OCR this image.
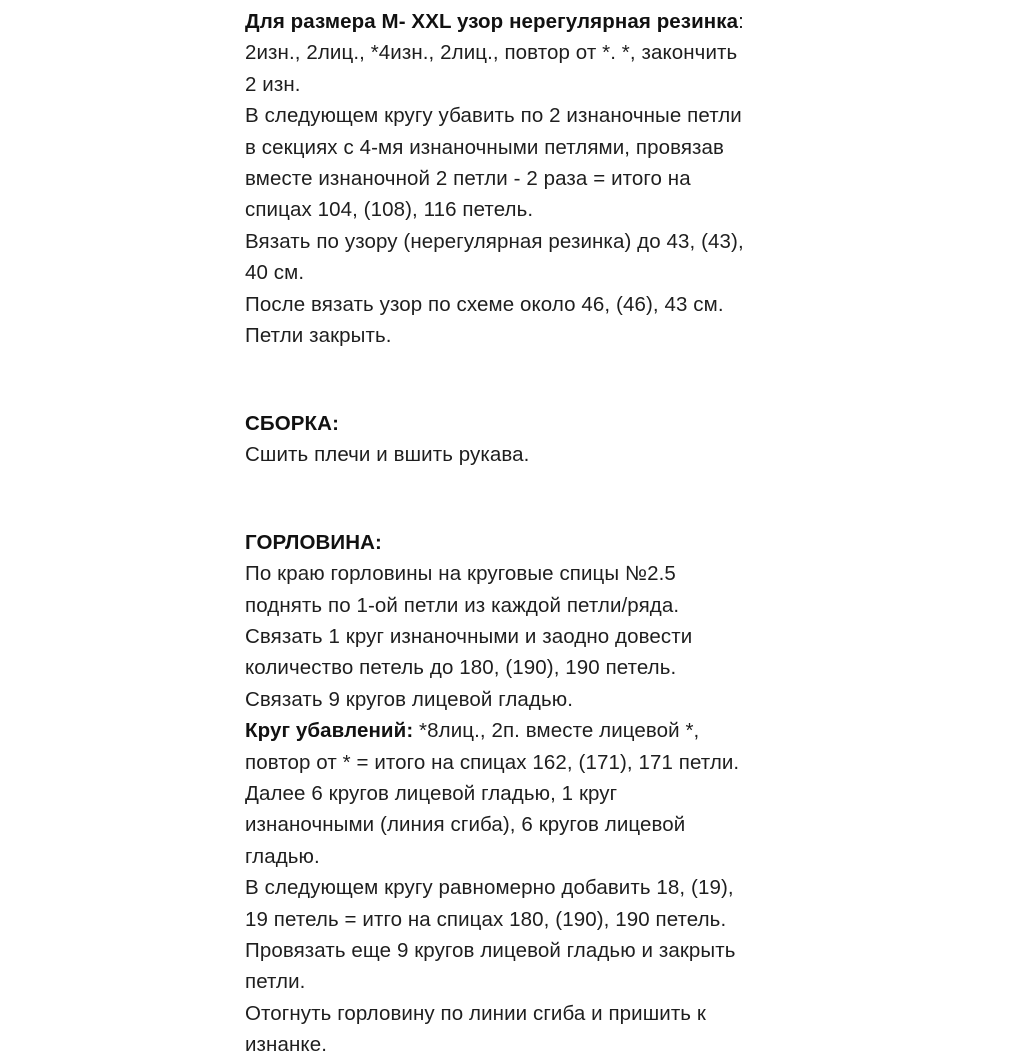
Для размера M- XXL узор нерегулярная резинка:
2изн., 2лиц., *4изн., 2лиц., повтор от *. *, закончить
2 изн.
В следующем кругу убавить по 2 изнаночные петли
в секциях с 4-мя изнаночными петлями, провязав
вместе изнаночной 2 петли - 2 раза = итого на
спицах 104, (108), 116 петель.
Вязать по узору (нерегулярная резинка) до 43, (43),
40 см.
После вязать узор по схеме около 46, (46), 43 см.
Петли закрыть.
СБОРКА:
Сшить плечи и вшить рукава.
ГОРЛОВИНА:
По краю горловины на круговые спицы №2.5
поднять по 1-ой петли из каждой петли/ряда.
Связать 1 круг изнаночными и заодно довести
количество петель до 180, (190), 190 петель.
Связать 9 кругов лицевой гладью.
Круг убавлений: *8лиц., 2п. вместе лицевой *,
повтор от * = итого на спицах 162, (171), 171 петли.
Далее 6 кругов лицевой гладью, 1 круг
изнаночными (линия сгиба), 6 кругов лицевой
гладью.
В следующем кругу равномерно добавить 18, (19),
19 петель = итго на спицах 180, (190), 190 петель.
Провязать еще 9 кругов лицевой гладью и закрыть
петли.
Отогнуть горловину по линии сгиба и пришить к
изнанке.
